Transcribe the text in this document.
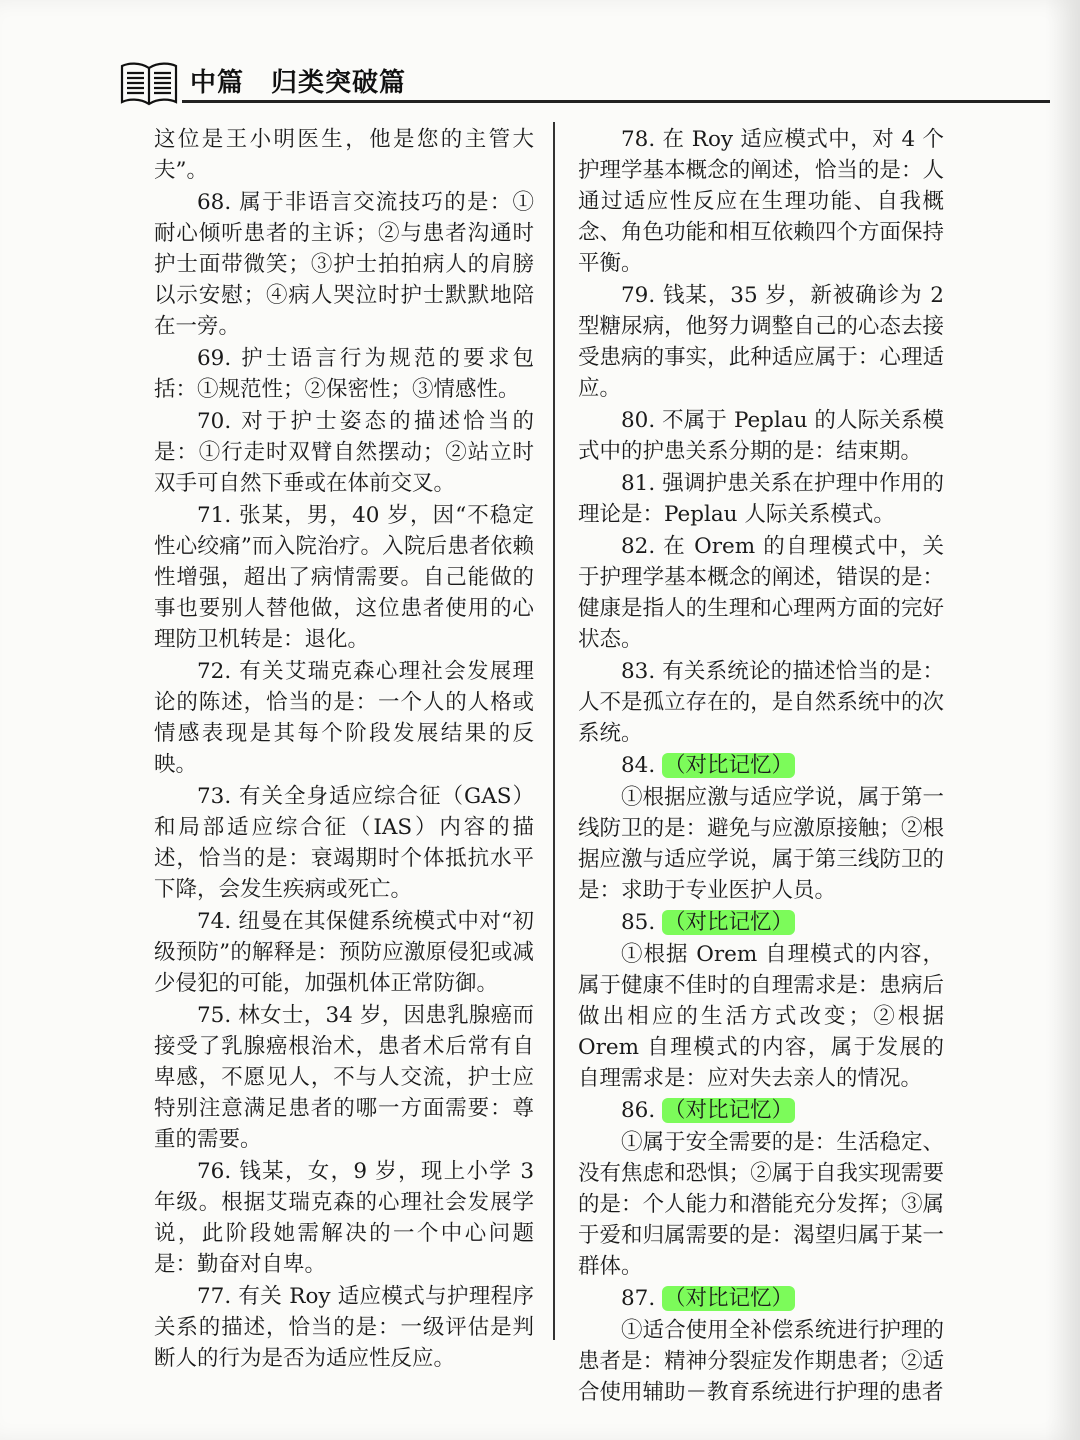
中篇　归类突破篇

这位是王小明医生，他是您的主管大夫”。

68. 属于非语言交流技巧的是：①耐心倾听患者的主诉；②与患者沟通时护士面带微笑；③护士拍拍病人的肩膀以示安慰；④病人哭泣时护士默默地陪在一旁。

69. 护士语言行为规范的要求包括：①规范性；②保密性；③情感性。

70. 对于护士姿态的描述恰当的是：①行走时双臂自然摆动；②站立时双手可自然下垂或在体前交叉。

71. 张某，男，40 岁，因“不稳定性心绞痛”而入院治疗。入院后患者依赖性增强，超出了病情需要。自己能做的事也要别人替他做，这位患者使用的心理防卫机转是：退化。

72. 有关艾瑞克森心理社会发展理论的陈述，恰当的是：一个人的人格或情感表现是其每个阶段发展结果的反映。

73. 有关全身适应综合征（GAS）和局部适应综合征（IAS）内容的描述，恰当的是：衰竭期时个体抵抗水平下降，会发生疾病或死亡。

74. 纽曼在其保健系统模式中对“初级预防”的解释是：预防应激原侵犯或减少侵犯的可能，加强机体正常防御。

75. 林女士，34 岁，因患乳腺癌而接受了乳腺癌根治术，患者术后常有自卑感，不愿见人，不与人交流，护士应特别注意满足患者的哪一方面需要：尊重的需要。

76. 钱某，女，9 岁，现上小学 3 年级。根据艾瑞克森的心理社会发展学说，此阶段她需解决的一个中心问题是：勤奋对自卑。

77. 有关 Roy 适应模式与护理程序关系的描述，恰当的是：一级评估是判断人的行为是否为适应性反应。

78. 在 Roy 适应模式中，对 4 个护理学基本概念的阐述，恰当的是：人通过适应性反应在生理功能、自我概念、角色功能和相互依赖四个方面保持平衡。

79. 钱某，35 岁，新被确诊为 2 型糖尿病，他努力调整自己的心态去接受患病的事实，此种适应属于：心理适应。

80. 不属于 Peplau 的人际关系模式中的护患关系分期的是：结束期。

81. 强调护患关系在护理中作用的理论是：Peplau 人际关系模式。

82. 在 Orem 的自理模式中，关于护理学基本概念的阐述，错误的是：健康是指人的生理和心理两方面的完好状态。

83. 有关系统论的描述恰当的是：人不是孤立存在的，是自然系统中的次系统。

84. （对比记忆）

①根据应激与适应学说，属于第一线防卫的是：避免与应激原接触；②根据应激与适应学说，属于第三线防卫的是：求助于专业医护人员。

85. （对比记忆）

①根据 Orem 自理模式的内容，属于健康不佳时的自理需求是：患病后做出相应的生活方式改变；②根据 Orem 自理模式的内容，属于发展的自理需求是：应对失去亲人的情况。

86. （对比记忆）

①属于安全需要的是：生活稳定、没有焦虑和恐惧；②属于自我实现需要的是：个人能力和潜能充分发挥；③属于爱和归属需要的是：渴望归属于某一群体。

87. （对比记忆）

①适合使用全补偿系统进行护理的患者是：精神分裂症发作期患者；②适合使用辅助－教育系统进行护理的患者
